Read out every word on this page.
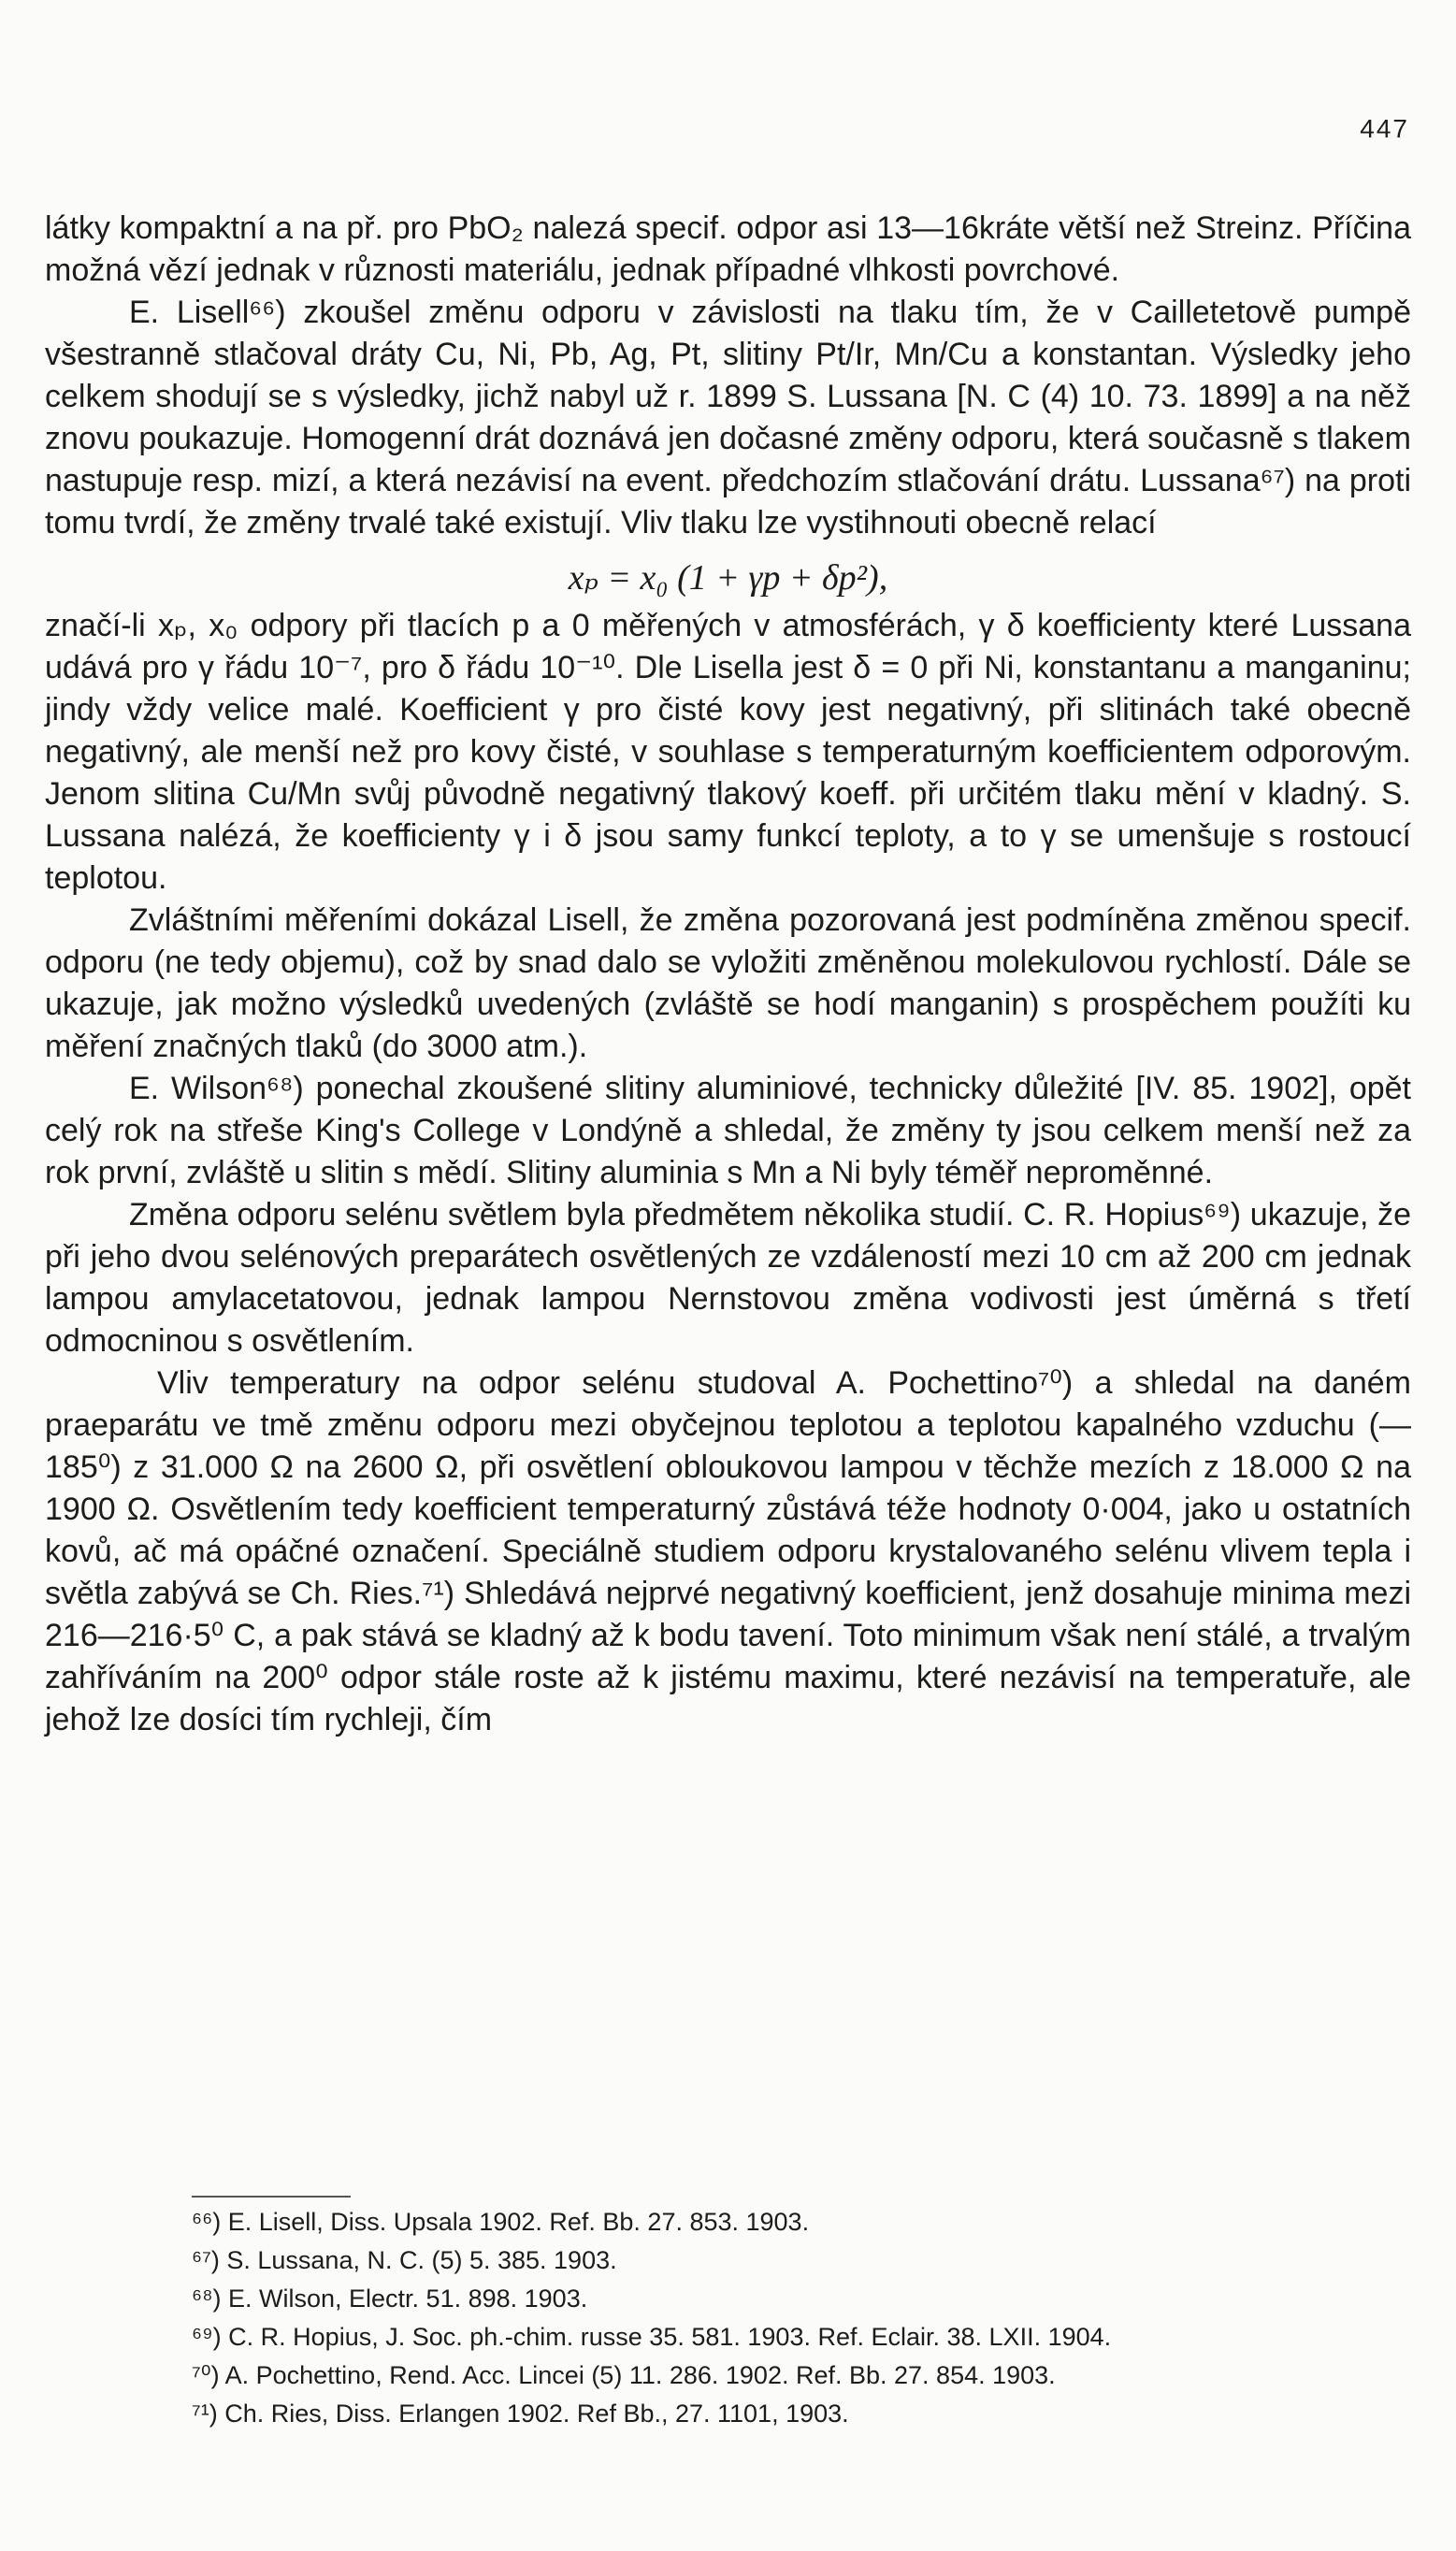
447

látky kompaktní a na př. pro PbO₂ nalezá specif. odpor asi 13—16kráte větší než Streinz. Příčina možná vězí jednak v různosti materiálu, jednak případné vlhkosti povrchové.

E. Lisell⁶⁶) zkoušel změnu odporu v závislosti na tlaku tím, že v Cailletetově pumpě všestranně stlačoval dráty Cu, Ni, Pb, Ag, Pt, slitiny Pt/Ir, Mn/Cu a konstantan. Výsledky jeho celkem shodují se s výsledky, jichž nabyl už r. 1899 S. Lussana [N. C (4) 10. 73. 1899] a na něž znovu poukazuje. Homogenní drát doznává jen dočasné změny odporu, která současně s tlakem nastupuje resp. mizí, a která nezávisí na event. předchozím stlačování drátu. Lussana⁶⁷) na proti tomu tvrdí, že změny trvalé také existují. Vliv tlaku lze vystihnouti obecně relací

xₚ = x₀ (1 + γp + δp²),

značí-li xₚ, x₀ odpory při tlacích p a 0 měřených v atmosférách, γ δ koefficienty které Lussana udává pro γ řádu 10⁻⁷, pro δ řádu 10⁻¹⁰. Dle Lisella jest δ = 0 při Ni, konstantanu a manganinu; jindy vždy velice malé. Koefficient γ pro čisté kovy jest negativný, při slitinách také obecně negativný, ale menší než pro kovy čisté, v souhlase s temperaturným koefficientem odporovým. Jenom slitina Cu/Mn svůj původně negativný tlakový koeff. při určitém tlaku mění v kladný. S. Lussana nalézá, že koefficienty γ i δ jsou samy funkcí teploty, a to γ se umenšuje s rostoucí teplotou.

Zvláštními měřeními dokázal Lisell, že změna pozorovaná jest podmíněna změnou specif. odporu (ne tedy objemu), což by snad dalo se vyložiti změněnou molekulovou rychlostí. Dále se ukazuje, jak možno výsledků uvedených (zvláště se hodí manganin) s prospěchem použíti ku měření značných tlaků (do 3000 atm.).

E. Wilson⁶⁸) ponechal zkoušené slitiny aluminiové, technicky důležité [IV. 85. 1902], opět celý rok na střeše King's College v Londýně a shledal, že změny ty jsou celkem menší než za rok první, zvláště u slitin s mědí. Slitiny aluminia s Mn a Ni byly téměř neproměnné.

Změna odporu selénu světlem byla předmětem několika studií. C. R. Hopius⁶⁹) ukazuje, že při jeho dvou selénových preparátech osvětlených ze vzdáleností mezi 10 cm až 200 cm jednak lampou amylacetatovou, jednak lampou Nernstovou změna vodivosti jest úměrná s třetí odmocninou s osvětlením.

Vliv temperatury na odpor selénu studoval A. Pochettino⁷⁰) a shledal na daném praeparátu ve tmě změnu odporu mezi obyčejnou teplotou a teplotou kapalného vzduchu (—185⁰) z 31.000 Ω na 2600 Ω, při osvětlení obloukovou lampou v těchže mezích z 18.000 Ω na 1900 Ω. Osvětlením tedy koefficient temperaturný zůstává téže hodnoty 0·004, jako u ostatních kovů, ač má opáčné označení. Speciálně studiem odporu krystalovaného selénu vlivem tepla i světla zabývá se Ch. Ries.⁷¹) Shledává nejprvé negativný koefficient, jenž dosahuje minima mezi 216—216·5⁰ C, a pak stává se kladný až k bodu tavení. Toto minimum však není stálé, a trvalým zahříváním na 200⁰ odpor stále roste až k jistému maximu, které nezávisí na temperatuře, ale jehož lze dosíci tím rychleji, čím

⁶⁶) E. Lisell, Diss. Upsala 1902. Ref. Bb. 27. 853. 1903.
⁶⁷) S. Lussana, N. C. (5) 5. 385. 1903.
⁶⁸) E. Wilson, Electr. 51. 898. 1903.
⁶⁹) C. R. Hopius, J. Soc. ph.-chim. russe 35. 581. 1903. Ref. Eclair. 38. LXII. 1904.
⁷⁰) A. Pochettino, Rend. Acc. Lincei (5) 11. 286. 1902. Ref. Bb. 27. 854. 1903.
⁷¹) Ch. Ries, Diss. Erlangen 1902. Ref Bb., 27. 1101, 1903.
